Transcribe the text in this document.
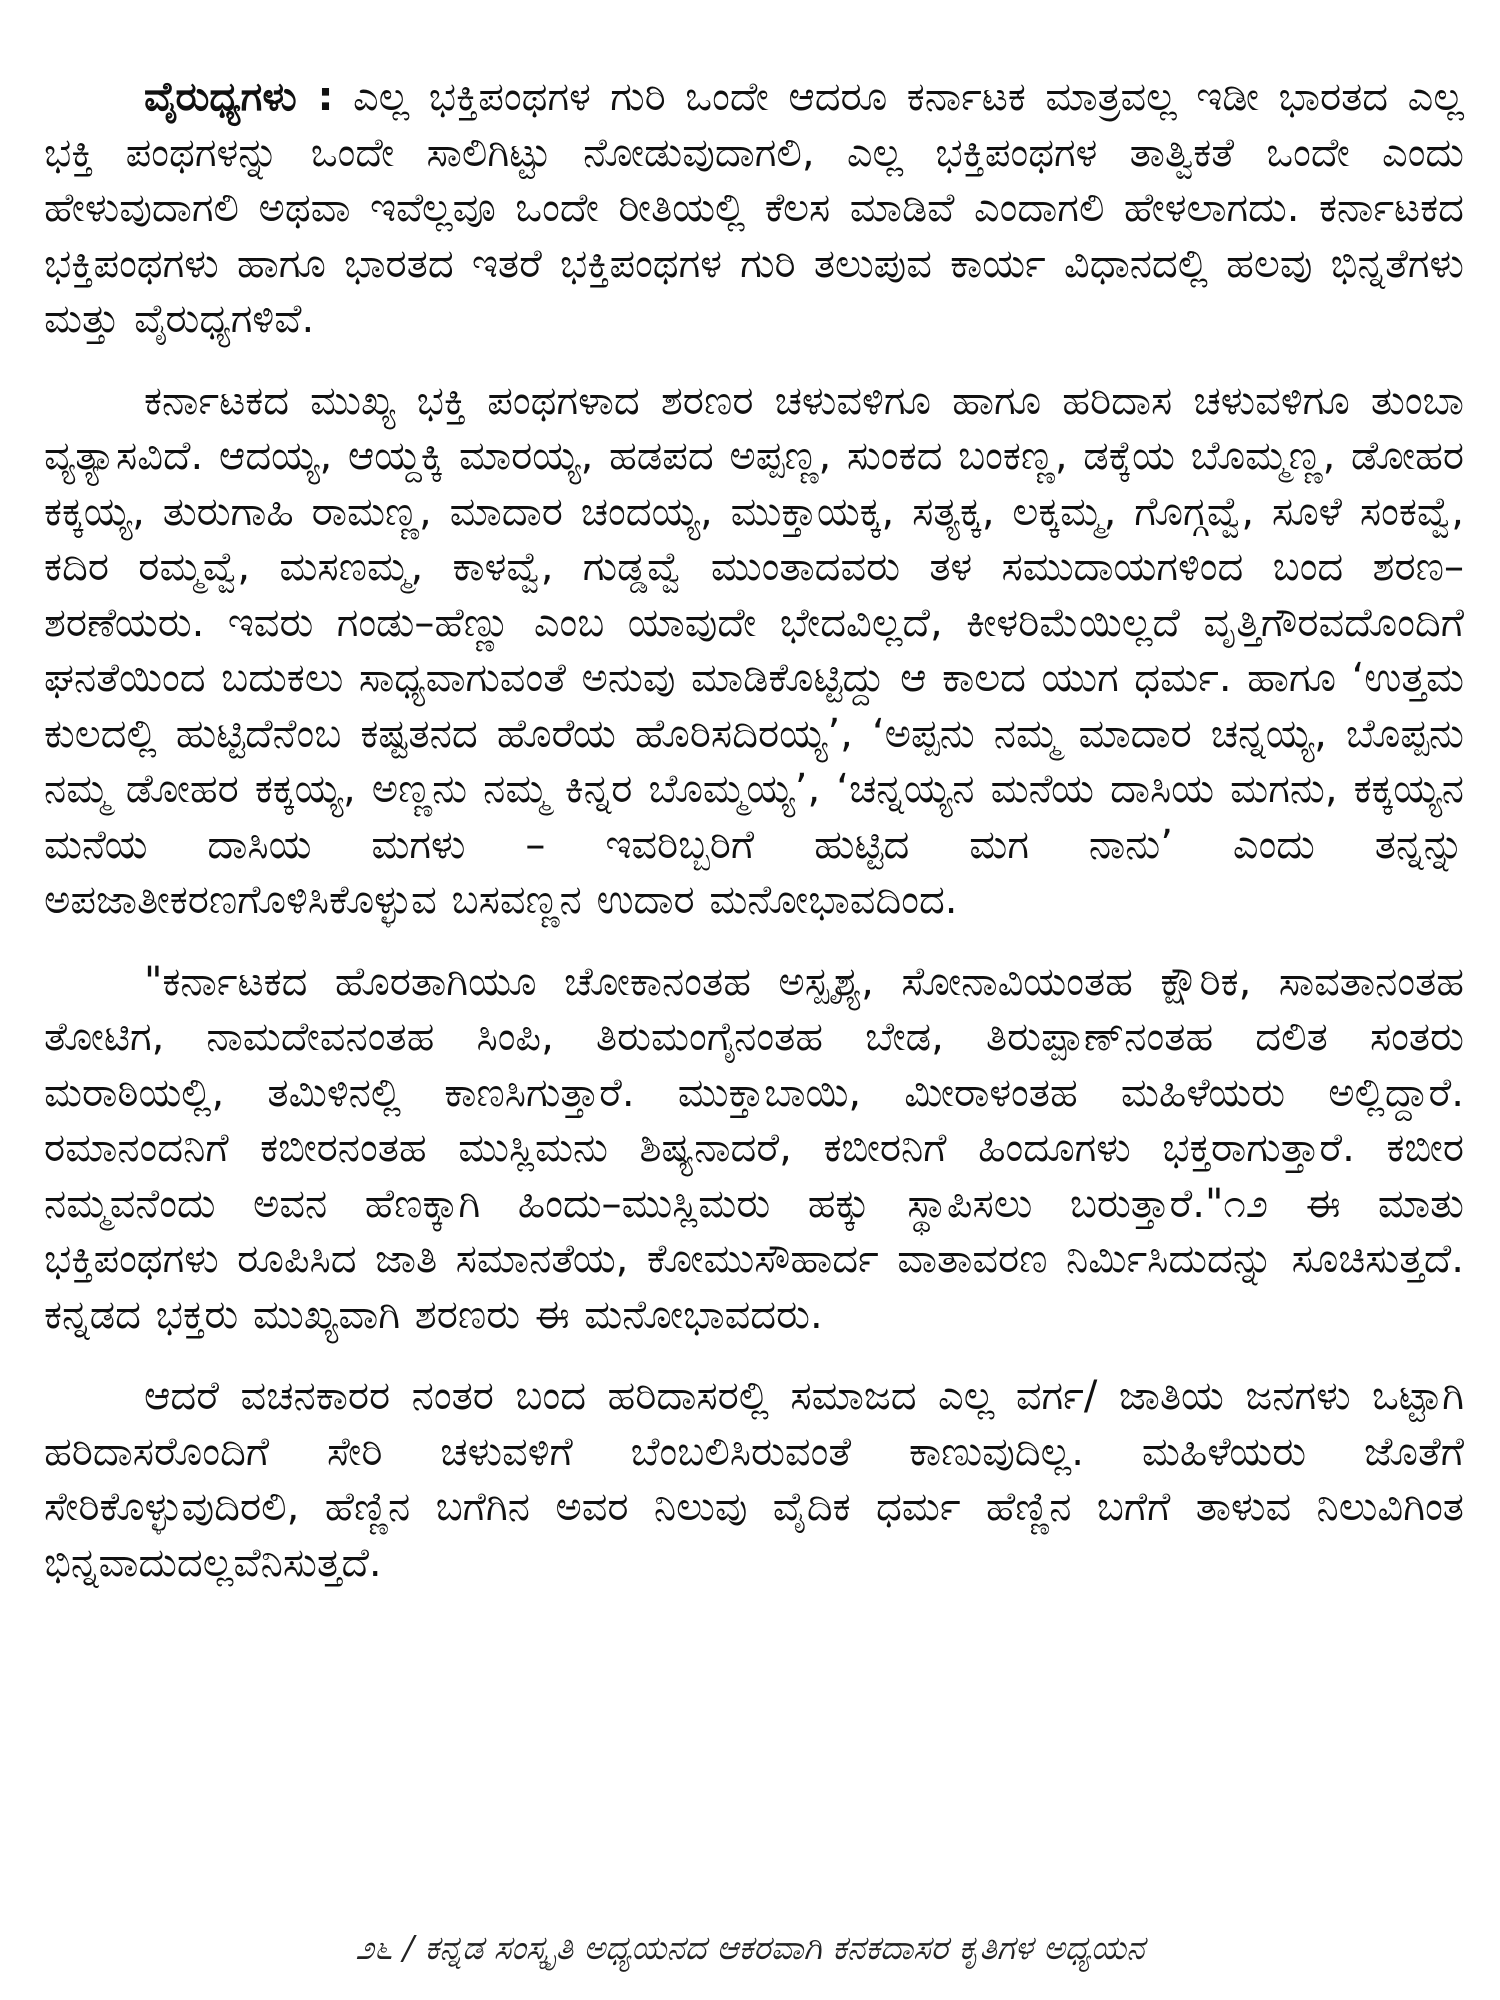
ವೈರುಧ್ಯಗಳು : ಎಲ್ಲ ಭಕ್ತಿಪಂಥಗಳ ಗುರಿ ಒಂದೇ ಆದರೂ ಕರ್ನಾಟಕ ಮಾತ್ರವಲ್ಲ ಇಡೀ ಭಾರತದ ಎಲ್ಲ ಭಕ್ತಿ ಪಂಥಗಳನ್ನು ಒಂದೇ ಸಾಲಿಗಿಟ್ಟು ನೋಡುವುದಾಗಲಿ, ಎಲ್ಲ ಭಕ್ತಿಪಂಥಗಳ ತಾತ್ವಿಕತೆ ಒಂದೇ ಎಂದು ಹೇಳುವುದಾಗಲಿ ಅಥವಾ ಇವೆಲ್ಲವೂ ಒಂದೇ ರೀತಿಯಲ್ಲಿ ಕೆಲಸ ಮಾಡಿವೆ ಎಂದಾಗಲಿ ಹೇಳಲಾಗದು. ಕರ್ನಾಟಕದ ಭಕ್ತಿಪಂಥಗಳು ಹಾಗೂ ಭಾರತದ ಇತರೆ ಭಕ್ತಿಪಂಥಗಳ ಗುರಿ ತಲುಪುವ ಕಾರ್ಯ ವಿಧಾನದಲ್ಲಿ ಹಲವು ಭಿನ್ನತೆಗಳು ಮತ್ತು ವೈರುಧ್ಯಗಳಿವೆ.

ಕರ್ನಾಟಕದ ಮುಖ್ಯ ಭಕ್ತಿ ಪಂಥಗಳಾದ ಶರಣರ ಚಳುವಳಿಗೂ ಹಾಗೂ ಹರಿದಾಸ ಚಳುವಳಿಗೂ ತುಂಬಾ ವ್ಯತ್ಯಾಸವಿದೆ. ಆದಯ್ಯ, ಆಯ್ದಕ್ಕಿ ಮಾರಯ್ಯ, ಹಡಪದ ಅಪ್ಪಣ್ಣ, ಸುಂಕದ ಬಂಕಣ್ಣ, ಡಕ್ಕೆಯ ಬೊಮ್ಮಣ್ಣ, ಡೋಹರ ಕಕ್ಕಯ್ಯ, ತುರುಗಾಹಿ ರಾಮಣ್ಣ, ಮಾದಾರ ಚಂದಯ್ಯ, ಮುಕ್ತಾಯಕ್ಕ, ಸತ್ಯಕ್ಕ, ಲಕ್ಕಮ್ಮ, ಗೊಗ್ಗವ್ವೆ, ಸೂಳೆ ಸಂಕವ್ವೆ, ಕದಿರ ರಮ್ಮವ್ವೆ, ಮಸಣಮ್ಮ, ಕಾಳವ್ವೆ, ಗುಡ್ಡವ್ವೆ ಮುಂತಾದವರು ತಳ ಸಮುದಾಯಗಳಿಂದ ಬಂದ ಶರಣ–ಶರಣೆಯರು. ಇವರು ಗಂಡು–ಹೆಣ್ಣು ಎಂಬ ಯಾವುದೇ ಭೇದವಿಲ್ಲದೆ, ಕೀಳರಿಮೆಯಿಲ್ಲದೆ ವೃತ್ತಿಗೌರವದೊಂದಿಗೆ ಘನತೆಯಿಂದ ಬದುಕಲು ಸಾಧ್ಯವಾಗುವಂತೆ ಅನುವು ಮಾಡಿಕೊಟ್ಟಿದ್ದು ಆ ಕಾಲದ ಯುಗ ಧರ್ಮ. ಹಾಗೂ ‘ಉತ್ತಮ ಕುಲದಲ್ಲಿ ಹುಟ್ಟಿದೆನೆಂಬ ಕಷ್ಟತನದ ಹೊರೆಯ ಹೊರಿಸದಿರಯ್ಯ’, ‘ಅಪ್ಪನು ನಮ್ಮ ಮಾದಾರ ಚನ್ನಯ್ಯ, ಬೊಪ್ಪನು ನಮ್ಮ ಡೋಹರ ಕಕ್ಕಯ್ಯ, ಅಣ್ಣನು ನಮ್ಮ ಕಿನ್ನರ ಬೊಮ್ಮಯ್ಯ’, ‘ಚನ್ನಯ್ಯನ ಮನೆಯ ದಾಸಿಯ ಮಗನು, ಕಕ್ಕಯ್ಯನ ಮನೆಯ ದಾಸಿಯ ಮಗಳು – ಇವರಿಬ್ಬರಿಗೆ ಹುಟ್ಟಿದ ಮಗ ನಾನು’ ಎಂದು ತನ್ನನ್ನು ಅಪಜಾತೀಕರಣಗೊಳಿಸಿಕೊಳ್ಳುವ ಬಸವಣ್ಣನ ಉದಾರ ಮನೋಭಾವದಿಂದ.

"ಕರ್ನಾಟಕದ ಹೊರತಾಗಿಯೂ ಚೋಕಾನಂತಹ ಅಸ್ಪೃಶ್ಯ, ಸೋನಾವಿಯಂತಹ ಕ್ಷೌರಿಕ, ಸಾವತಾನಂತಹ ತೋಟಿಗ, ನಾಮದೇವನಂತಹ ಸಿಂಪಿ, ತಿರುಮಂಗೈನಂತಹ ಬೇಡ, ತಿರುಪ್ಪಾಣ್‌ನಂತಹ ದಲಿತ ಸಂತರು ಮರಾಠಿಯಲ್ಲಿ, ತಮಿಳಿನಲ್ಲಿ ಕಾಣಸಿಗುತ್ತಾರೆ. ಮುಕ್ತಾಬಾಯಿ, ಮೀರಾಳಂತಹ ಮಹಿಳೆಯರು ಅಲ್ಲಿದ್ದಾರೆ. ರಮಾನಂದನಿಗೆ ಕಬೀರನಂತಹ ಮುಸ್ಲಿಮನು ಶಿಷ್ಯನಾದರೆ, ಕಬೀರನಿಗೆ ಹಿಂದೂಗಳು ಭಕ್ತರಾಗುತ್ತಾರೆ. ಕಬೀರ ನಮ್ಮವನೆಂದು ಅವನ ಹೆಣಕ್ಕಾಗಿ ಹಿಂದು–ಮುಸ್ಲಿಮರು ಹಕ್ಕು ಸ್ಥಾಪಿಸಲು ಬರುತ್ತಾರೆ."೧೨ ಈ ಮಾತು ಭಕ್ತಿಪಂಥಗಳು ರೂಪಿಸಿದ ಜಾತಿ ಸಮಾನತೆಯ, ಕೋಮುಸೌಹಾರ್ದ ವಾತಾವರಣ ನಿರ್ಮಿಸಿದುದನ್ನು ಸೂಚಿಸುತ್ತದೆ. ಕನ್ನಡದ ಭಕ್ತರು ಮುಖ್ಯವಾಗಿ ಶರಣರು ಈ ಮನೋಭಾವದರು.

ಆದರೆ ವಚನಕಾರರ ನಂತರ ಬಂದ ಹರಿದಾಸರಲ್ಲಿ ಸಮಾಜದ ಎಲ್ಲ ವರ್ಗ/ ಜಾತಿಯ ಜನಗಳು ಒಟ್ಟಾಗಿ ಹರಿದಾಸರೊಂದಿಗೆ ಸೇರಿ ಚಳುವಳಿಗೆ ಬೆಂಬಲಿಸಿರುವಂತೆ ಕಾಣುವುದಿಲ್ಲ. ಮಹಿಳೆಯರು ಜೊತೆಗೆ ಸೇರಿಕೊಳ್ಳುವುದಿರಲಿ, ಹೆಣ್ಣಿನ ಬಗೆಗಿನ ಅವರ ನಿಲುವು ವೈದಿಕ ಧರ್ಮ ಹೆಣ್ಣಿನ ಬಗೆಗೆ ತಾಳುವ ನಿಲುವಿಗಿಂತ ಭಿನ್ನವಾದುದಲ್ಲವೆನಿಸುತ್ತದೆ.

೨೬ / ಕನ್ನಡ ಸಂಸ್ಕೃತಿ ಅಧ್ಯಯನದ ಆಕರವಾಗಿ ಕನಕದಾಸರ ಕೃತಿಗಳ ಅಧ್ಯಯನ
